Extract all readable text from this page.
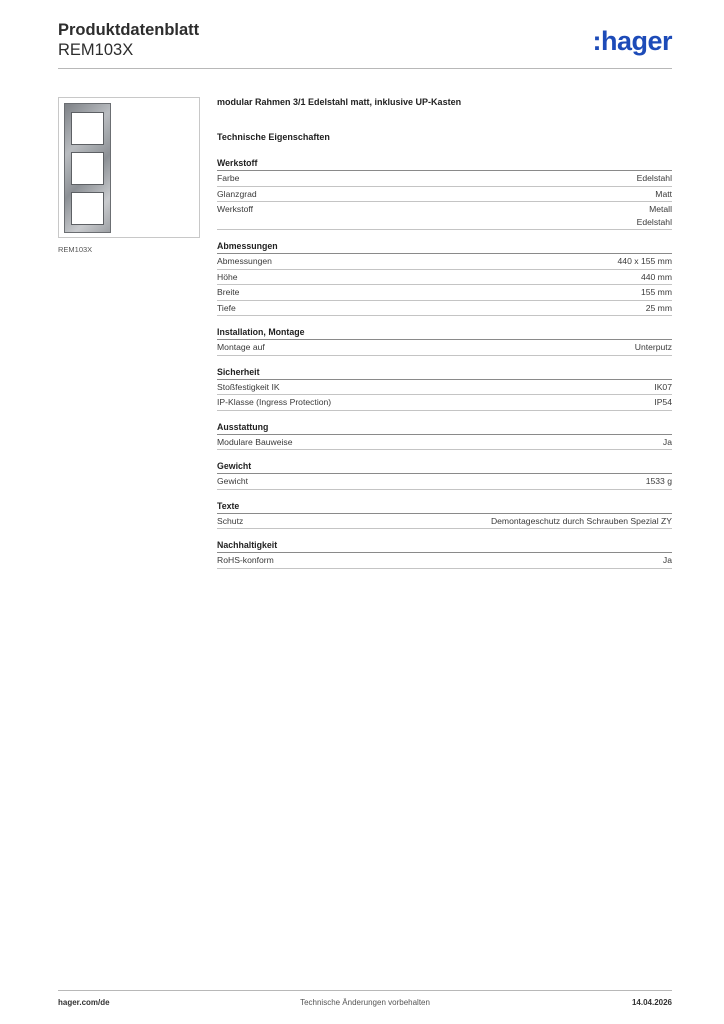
Produktdatenblatt
REM103X	:hager
REM103X
modular Rahmen 3/1 Edelstahl matt, inklusive UP-Kasten
Technische Eigenschaften
Werkstoff
Farbe	Edelstahl
Glanzgrad	Matt
Werkstoff	Metall
Edelstahl
Abmessungen
Abmessungen	440 x 155 mm
Höhe	440 mm
Breite	155 mm
Tiefe	25 mm
Installation, Montage
Montage auf	Unterputz
Sicherheit
Stoßfestigkeit IK	IK07
IP-Klasse (Ingress Protection)	IP54
Ausstattung
Modulare Bauweise	Ja
Gewicht
Gewicht	1533 g
Texte
Schutz	Demontageschutz durch Schrauben Spezial ZY
Nachhaltigkeit
RoHS-konform	Ja
hager.com/de	Technische Änderungen vorbehalten	14.04.2026
